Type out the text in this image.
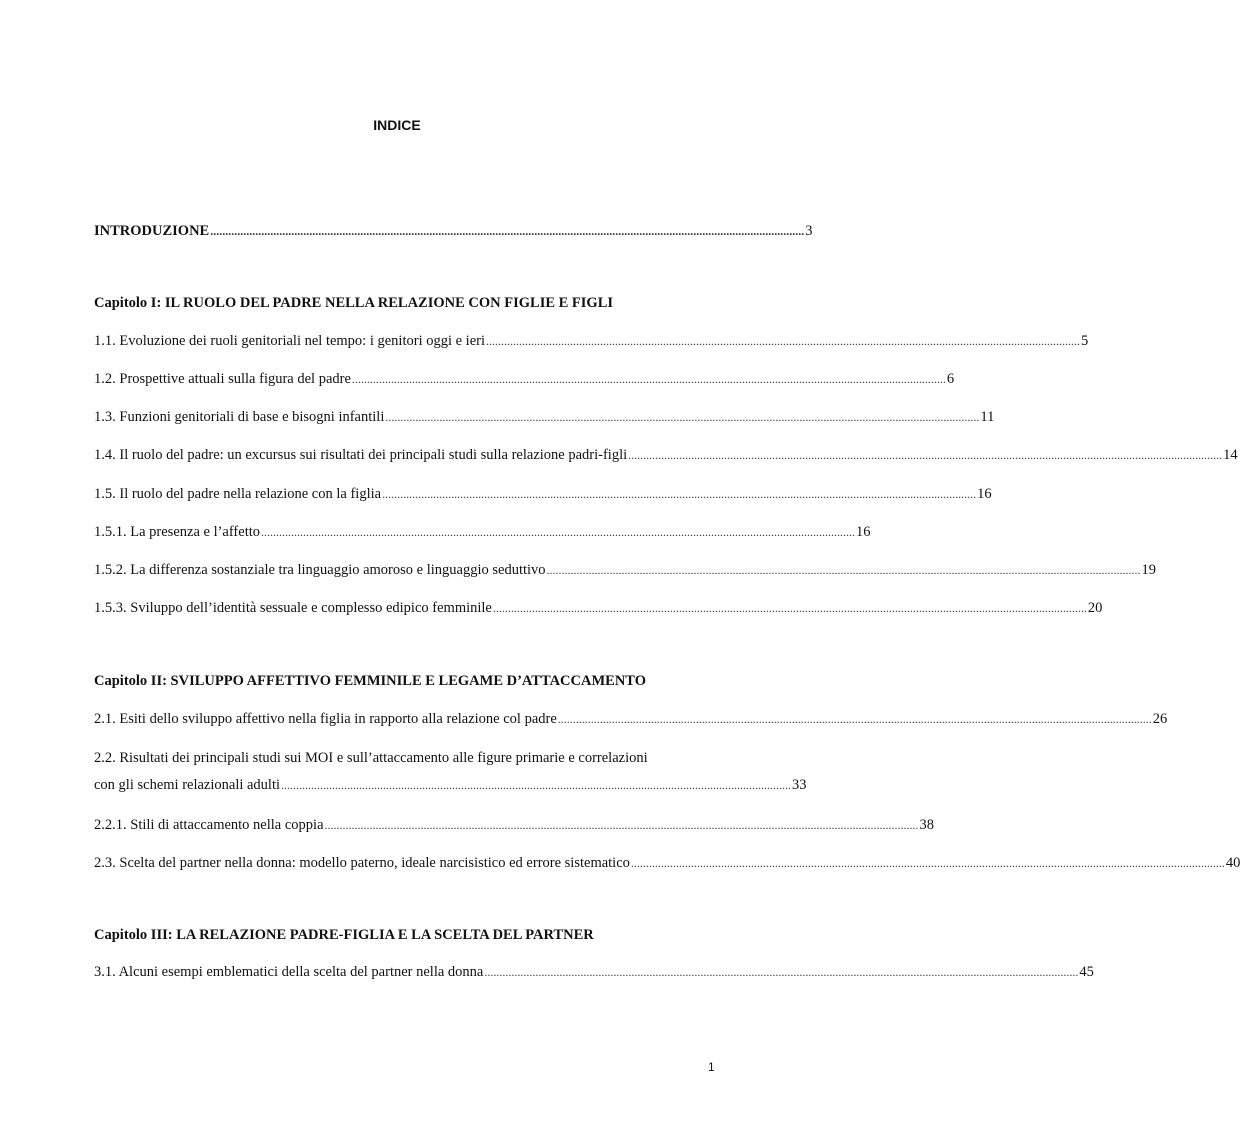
INDICE
INTRODUZIONE .....	3
Capitolo I: IL RUOLO DEL PADRE NELLA RELAZIONE CON FIGLIE E FIGLI
1.1. Evoluzione dei ruoli genitoriali nel tempo: i genitori oggi e ieri .....	5
1.2. Prospettive attuali sulla figura del padre .....	6
1.3. Funzioni genitoriali di base e bisogni infantili .....	11
1.4. Il ruolo del padre: un excursus sui risultati dei principali studi sulla relazione padri-figli .....	14
1.5. Il ruolo del padre nella relazione con la figlia .....	16
1.5.1. La presenza e l’affetto .....	16
1.5.2. La differenza sostanziale tra linguaggio amoroso e linguaggio seduttivo .....	19
1.5.3. Sviluppo dell’identità sessuale e complesso edipico femminile .....	20
Capitolo II: SVILUPPO AFFETTIVO FEMMINILE E LEGAME D’ATTACCAMENTO
2.1. Esiti dello sviluppo affettivo nella figlia in rapporto alla relazione col padre .....	26
2.2. Risultati dei principali studi sui MOI e sull’attaccamento alle figure primarie e correlazioni
con gli schemi relazionali adulti .......................................................................................................................................................................... 33
2.2.1. Stili di attaccamento nella coppia .....	38
2.3. Scelta del partner nella donna: modello paterno, ideale narcisistico ed errore sistematico .....	40
Capitolo III: LA RELAZIONE PADRE-FIGLIA E LA SCELTA DEL PARTNER
3.1. Alcuni esempi emblematici della scelta del partner nella donna .....	45
1
